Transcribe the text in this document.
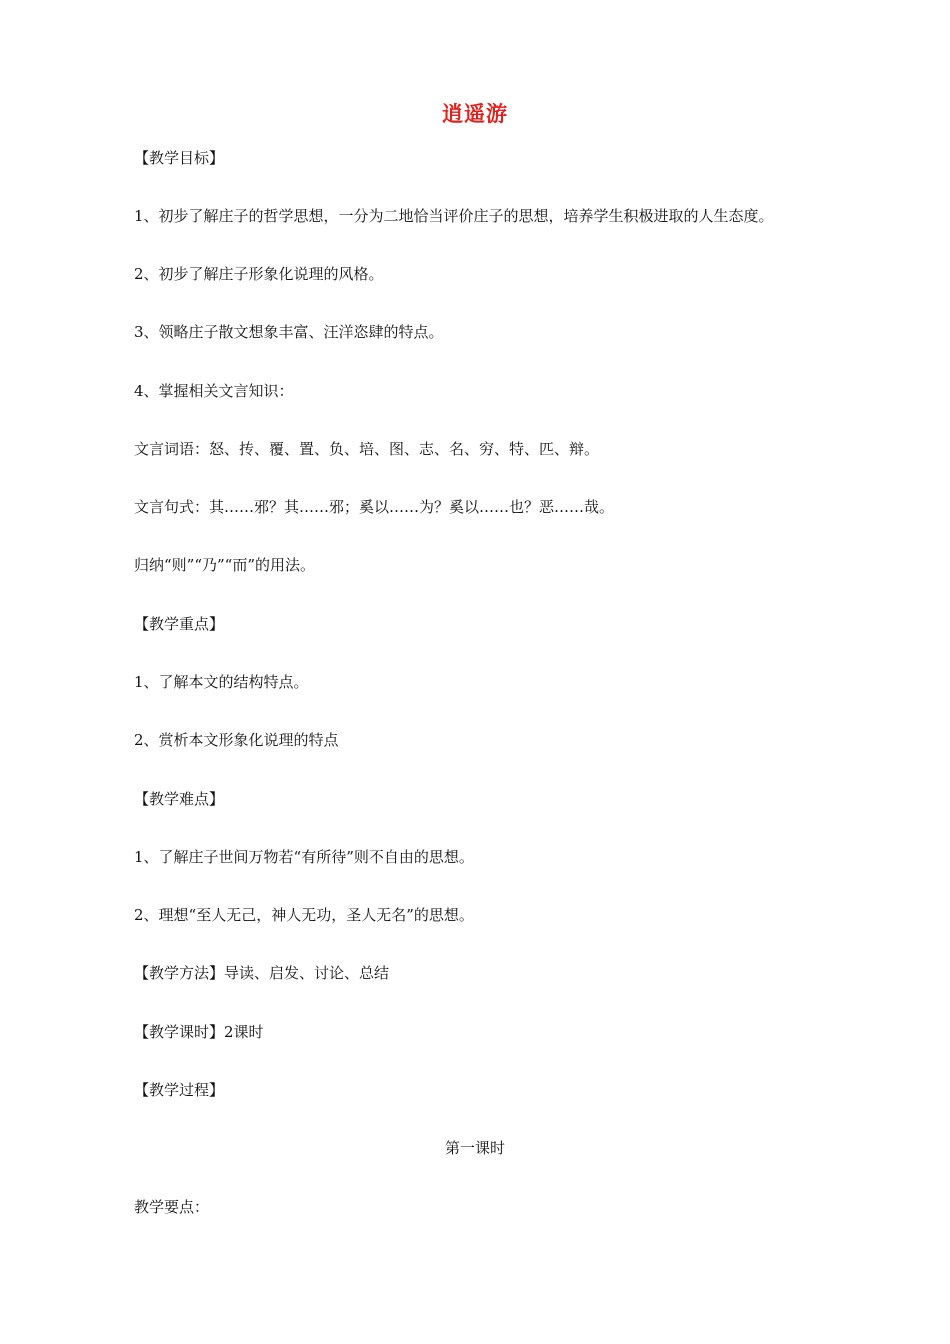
逍遥游
【教学目标】
1、初步了解庄子的哲学思想，一分为二地恰当评价庄子的思想，培养学生积极进取的人生态度。
2、初步了解庄子形象化说理的风格。
3、领略庄子散文想象丰富、汪洋恣肆的特点。
4、掌握相关文言知识：
文言词语：怒、抟、覆、置、负、培、图、志、名、穷、特、匹、辩。
文言句式：其……邪？其……邪；奚以……为？奚以……也？恶……哉。
归纳“则”“乃”“而”的用法。
【教学重点】
1、了解本文的结构特点。
2、赏析本文形象化说理的特点
【教学难点】
1、了解庄子世间万物若“有所待”则不自由的思想。
2、理想“至人无己，神人无功，圣人无名”的思想。
【教学方法】导读、启发、讨论、总结
【教学课时】2课时
【教学过程】
第一课时
教学要点：
